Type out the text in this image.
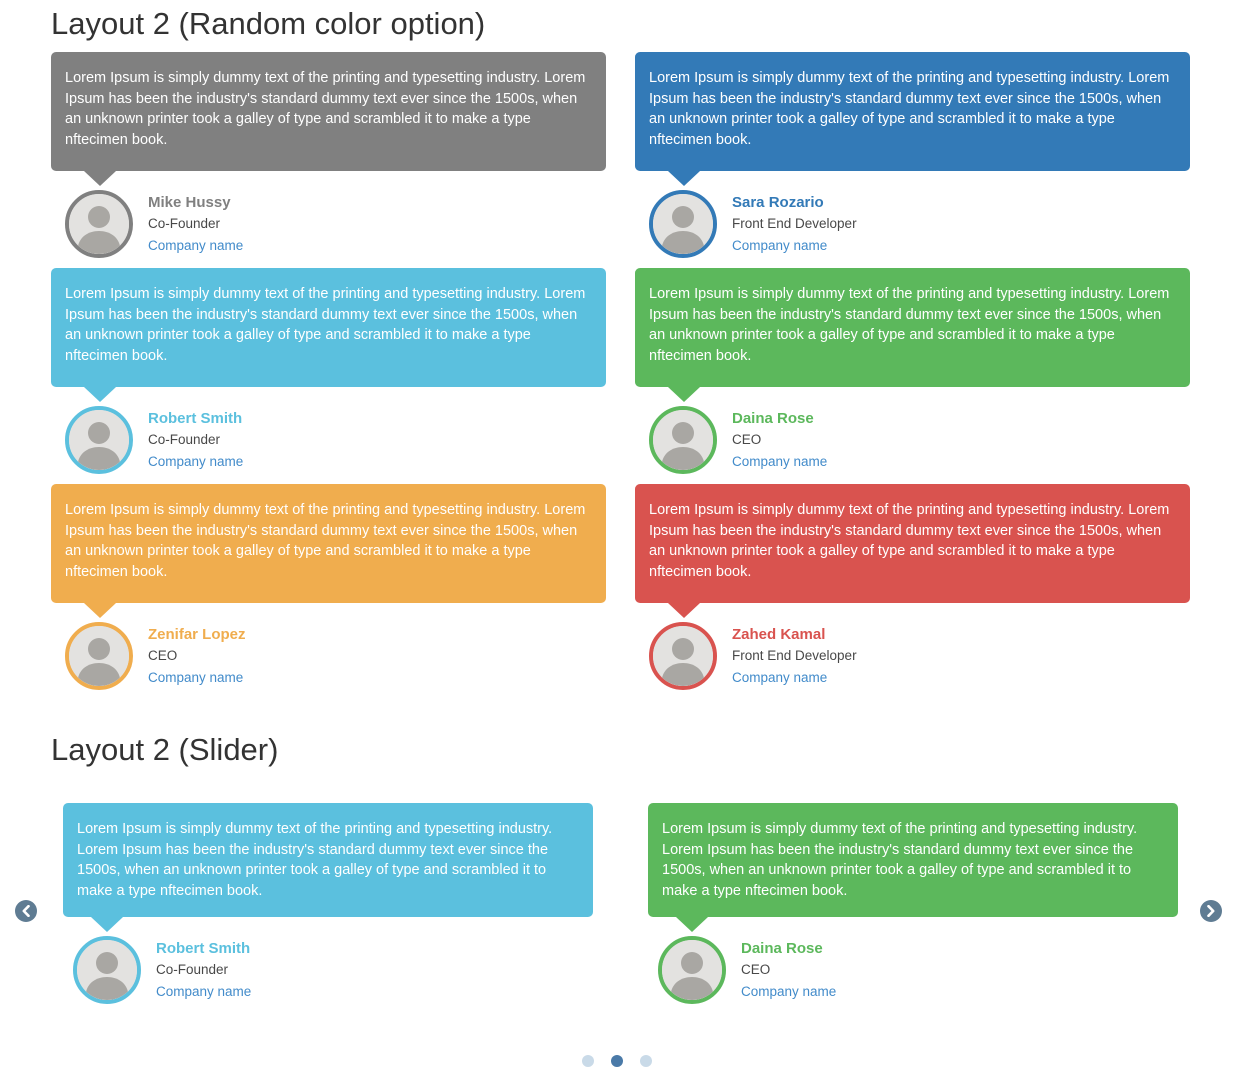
Layout 2 (Random color option)
Lorem Ipsum is simply dummy text of the printing and typesetting industry. Lorem Ipsum has been the industry's standard dummy text ever since the 1500s, when an unknown printer took a galley of type and scrambled it to make a type nftecimen book.
Mike Hussy
Co-Founder
Company name
Lorem Ipsum is simply dummy text of the printing and typesetting industry. Lorem Ipsum has been the industry's standard dummy text ever since the 1500s, when an unknown printer took a galley of type and scrambled it to make a type nftecimen book.
Sara Rozario
Front End Developer
Company name
Lorem Ipsum is simply dummy text of the printing and typesetting industry. Lorem Ipsum has been the industry's standard dummy text ever since the 1500s, when an unknown printer took a galley of type and scrambled it to make a type nftecimen book.
Robert Smith
Co-Founder
Company name
Lorem Ipsum is simply dummy text of the printing and typesetting industry. Lorem Ipsum has been the industry's standard dummy text ever since the 1500s, when an unknown printer took a galley of type and scrambled it to make a type nftecimen book.
Daina Rose
CEO
Company name
Lorem Ipsum is simply dummy text of the printing and typesetting industry. Lorem Ipsum has been the industry's standard dummy text ever since the 1500s, when an unknown printer took a galley of type and scrambled it to make a type nftecimen book.
Zenifar Lopez
CEO
Company name
Lorem Ipsum is simply dummy text of the printing and typesetting industry. Lorem Ipsum has been the industry's standard dummy text ever since the 1500s, when an unknown printer took a galley of type and scrambled it to make a type nftecimen book.
Zahed Kamal
Front End Developer
Company name
Layout 2 (Slider)
Lorem Ipsum is simply dummy text of the printing and typesetting industry. Lorem Ipsum has been the industry's standard dummy text ever since the 1500s, when an unknown printer took a galley of type and scrambled it to make a type nftecimen book.
Robert Smith
Co-Founder
Company name
Lorem Ipsum is simply dummy text of the printing and typesetting industry. Lorem Ipsum has been the industry's standard dummy text ever since the 1500s, when an unknown printer took a galley of type and scrambled it to make a type nftecimen book.
Daina Rose
CEO
Company name
